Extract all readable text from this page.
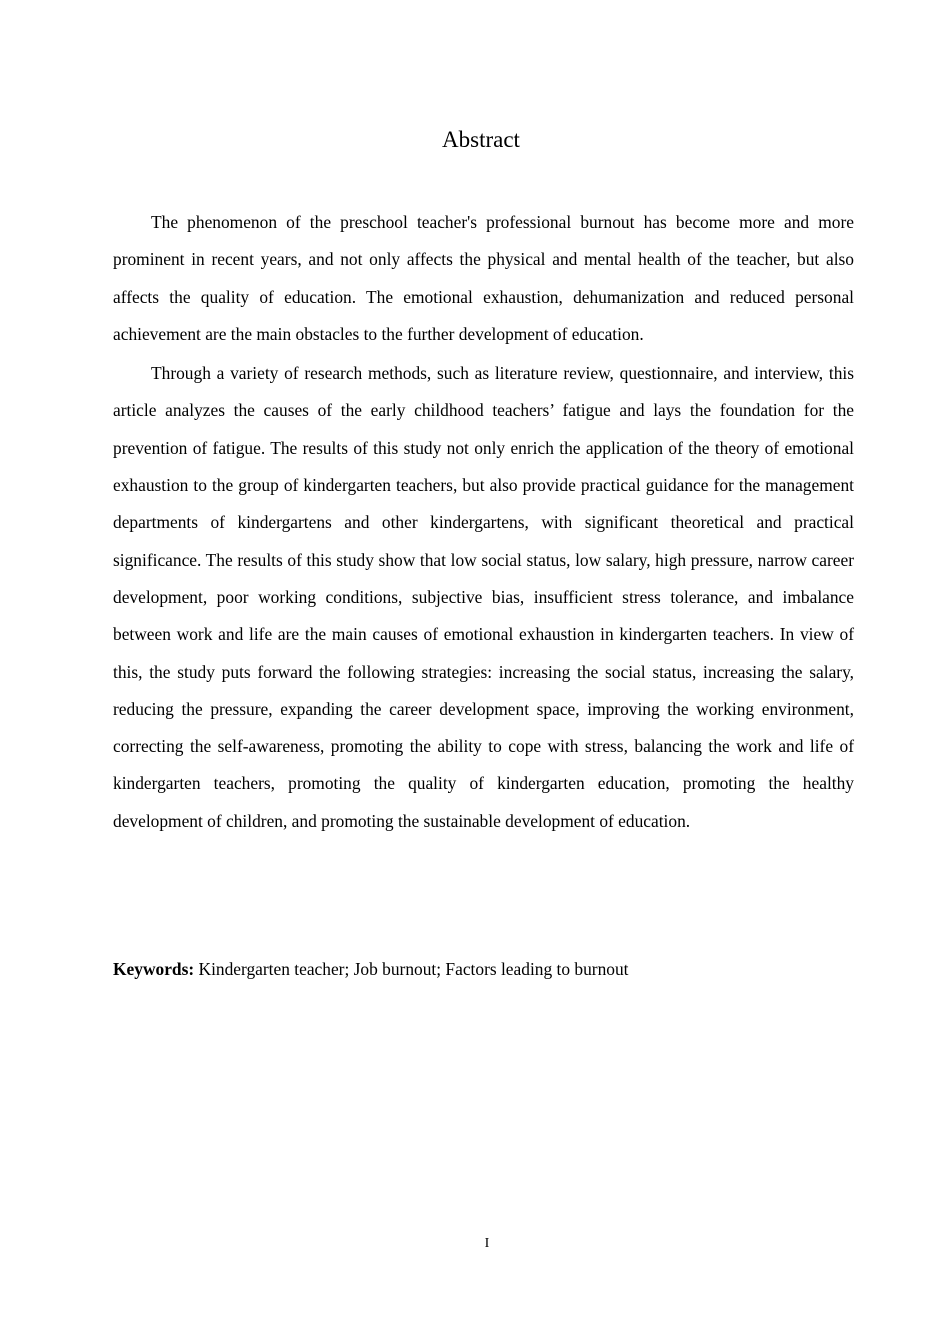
Abstract

The phenomenon of the preschool teacher's professional burnout has become more and more prominent in recent years, and not only affects the physical and mental health of the teacher, but also affects the quality of education. The emotional exhaustion, dehumanization and reduced personal achievement are the main obstacles to the further development of education.

Through a variety of research methods, such as literature review, questionnaire, and interview, this article analyzes the causes of the early childhood teachers’ fatigue and lays the foundation for the prevention of fatigue. The results of this study not only enrich the application of the theory of emotional exhaustion to the group of kindergarten teachers, but also provide practical guidance for the management departments of kindergartens and other kindergartens, with significant theoretical and practical significance. The results of this study show that low social status, low salary, high pressure, narrow career development, poor working conditions, subjective bias, insufficient stress tolerance, and imbalance between work and life are the main causes of emotional exhaustion in kindergarten teachers. In view of this, the study puts forward the following strategies: increasing the social status, increasing the salary, reducing the pressure, expanding the career development space, improving the working environment, correcting the self-awareness, promoting the ability to cope with stress, balancing the work and life of kindergarten teachers, promoting the quality of kindergarten education, promoting the healthy development of children, and promoting the sustainable development of education.

Keywords: Kindergarten teacher; Job burnout; Factors leading to burnout

I
